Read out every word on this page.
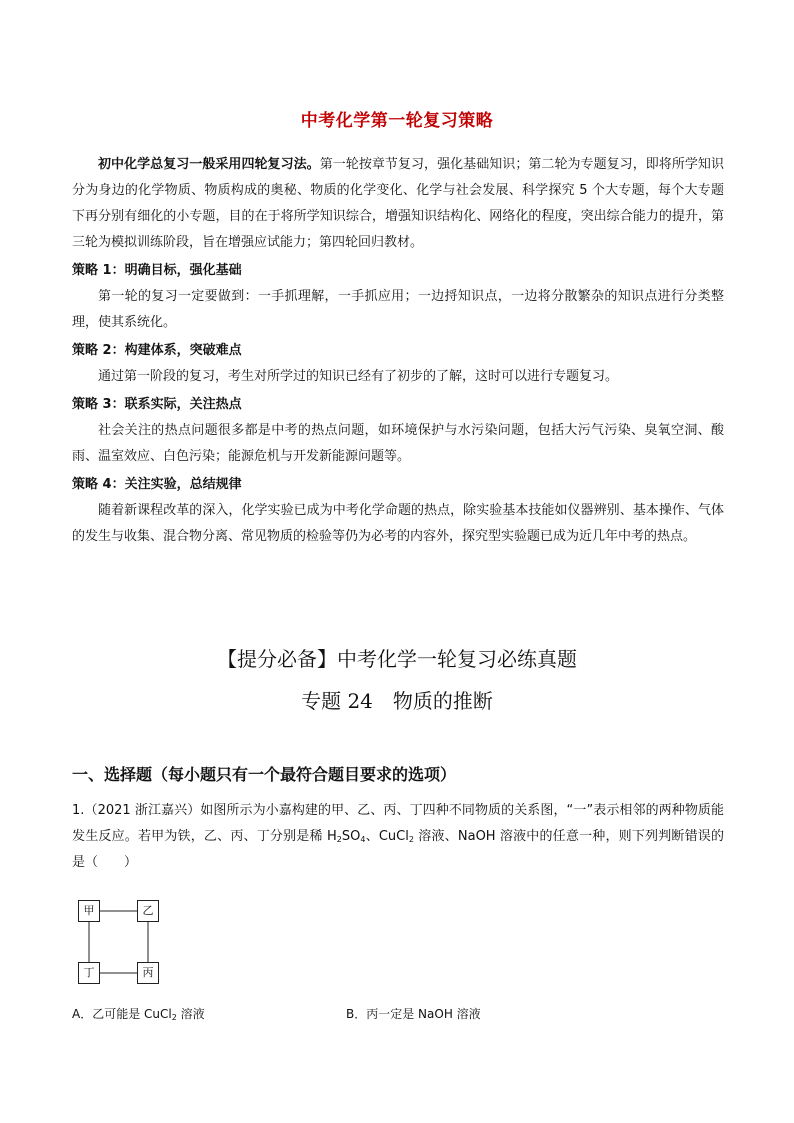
中考化学第一轮复习策略
初中化学总复习一般采用四轮复习法。第一轮按章节复习，强化基础知识；第二轮为专题复习，即将所学知识分为身边的化学物质、物质构成的奥秘、物质的化学变化、化学与社会发展、科学探究 5 个大专题，每个大专题下再分别有细化的小专题，目的在于将所学知识综合，增强知识结构化、网络化的程度，突出综合能力的提升，第三轮为模拟训练阶段，旨在增强应试能力；第四轮回归教材。
策略 1：明确目标，强化基础
第一轮的复习一定要做到：一手抓理解，一手抓应用；一边捋知识点，一边将分散繁杂的知识点进行分类整理，使其系统化。
策略 2：构建体系，突破难点
通过第一阶段的复习，考生对所学过的知识已经有了初步的了解，这时可以进行专题复习。
策略 3：联系实际，关注热点
社会关注的热点问题很多都是中考的热点问题，如环境保护与水污染问题，包括大污气污染、臭氧空洞、酸雨、温室效应、白色污染；能源危机与开发新能源问题等。
策略 4：关注实验，总结规律
随着新课程改革的深入，化学实验已成为中考化学命题的热点，除实验基本技能如仪器辨别、基本操作、气体的发生与收集、混合物分离、常见物质的检验等仍为必考的内容外，探究型实验题已成为近几年中考的热点。
【提分必备】中考化学一轮复习必练真题
专题 24　物质的推断
一、选择题（每小题只有一个最符合题目要求的选项）
1.（2021 浙江嘉兴）如图所示为小嘉构建的甲、乙、丙、丁四种不同物质的关系图，“一”表示相邻的两种物质能发生反应。若甲为铁，乙、丙、丁分别是稀 $H_2SO_4$、CuCl$_2$ 溶液、NaOH 溶液中的任意一种，则下列判断错误的是（　　）
甲	乙
丁	丙
A．乙可能是 CuCl$_2$ 溶液	B．丙一定是 NaOH 溶液
